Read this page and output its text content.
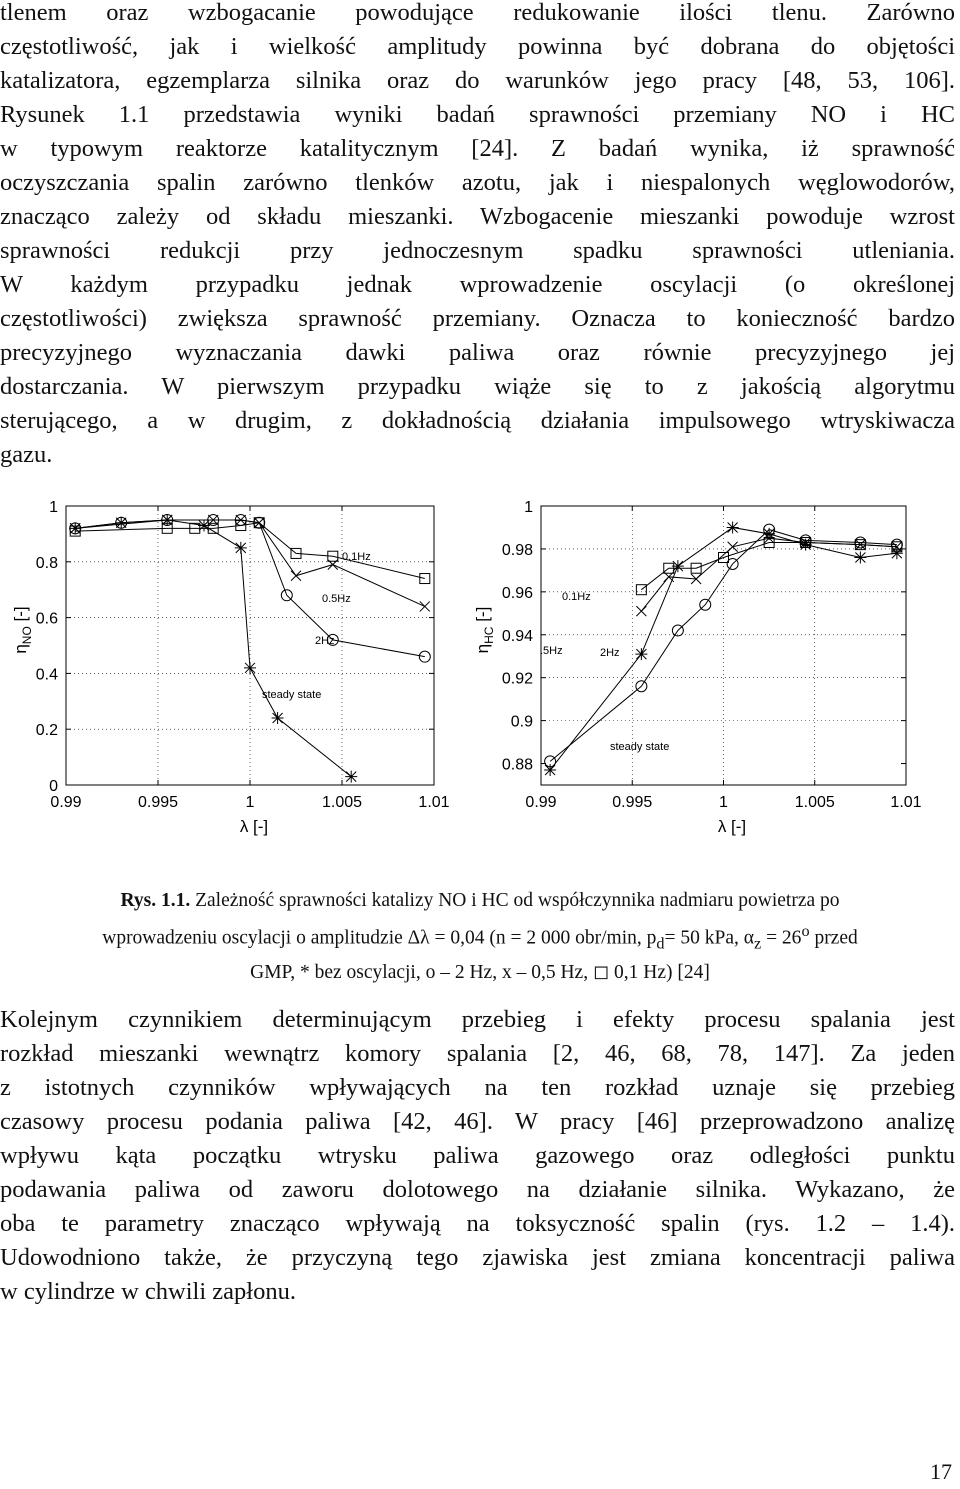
tlenem oraz wzbogacanie powodujące redukowanie ilości tlenu. Zarówno
częstotliwość, jak i wielkość amplitudy powinna być dobrana do objętości
katalizatora, egzemplarza silnika oraz do warunków jego pracy [48, 53, 106].
Rysunek 1.1 przedstawia wyniki badań sprawności przemiany NO i HC
w typowym reaktorze katalitycznym [24]. Z badań wynika, iż sprawność
oczyszczania spalin zarówno tlenków azotu, jak i niespalonych węglowodorów,
znacząco zależy od składu mieszanki. Wzbogacenie mieszanki powoduje wzrost
sprawności redukcji przy jednoczesnym spadku sprawności utleniania.
W każdym przypadku jednak wprowadzenie oscylacji (o określonej
częstotliwości) zwiększa sprawność przemiany. Oznacza to konieczność bardzo
precyzyjnego wyznaczania dawki paliwa oraz równie precyzyjnego jej
dostarczania. W pierwszym przypadku wiąże się to z jakością algorytmu
sterującego, a w drugim, z dokładnością działania impulsowego wtryskiwacza
gazu.
0.99	0.995	1	1.005	1.01
0
0.2
0.4
0.6
0.8
1
0.1Hz
0.5Hz
2Hz
steady state
$\eta_{NO}$ [-]
λ [-]
0.99	0.995	1	1.005	1.01
0.88
0.9
0.92
0.94
0.96
0.98
1
0.1Hz
.5Hz	2Hz
steady state
$\eta_{HC}$ [-]
λ [-]
Rys. 1.1. Zależność sprawności katalizy NO i HC od współczynnika nadmiaru powietrza po
wprowadzeniu oscylacji o amplitudzie Δλ = 0,04 (n = 2 000 obr/min, $p_d= 50$ kPa, $\alpha_z = 26^o$ przed
GMP, * bez oscylacji, o – 2 Hz, x – 0,5 Hz, ◻ 0,1 Hz) [24]
Kolejnym czynnikiem determinującym przebieg i efekty procesu spalania jest
rozkład mieszanki wewnątrz komory spalania [2, 46, 68, 78, 147]. Za jeden
z istotnych czynników wpływających na ten rozkład uznaje się przebieg
czasowy procesu podania paliwa [42, 46]. W pracy [46] przeprowadzono analizę
wpływu kąta początku wtrysku paliwa gazowego oraz odległości punktu
podawania paliwa od zaworu dolotowego na działanie silnika. Wykazano, że
oba te parametry znacząco wpływają na toksyczność spalin (rys. 1.2 – 1.4).
Udowodniono także, że przyczyną tego zjawiska jest zmiana koncentracji paliwa
w cylindrze w chwili zapłonu.
17
